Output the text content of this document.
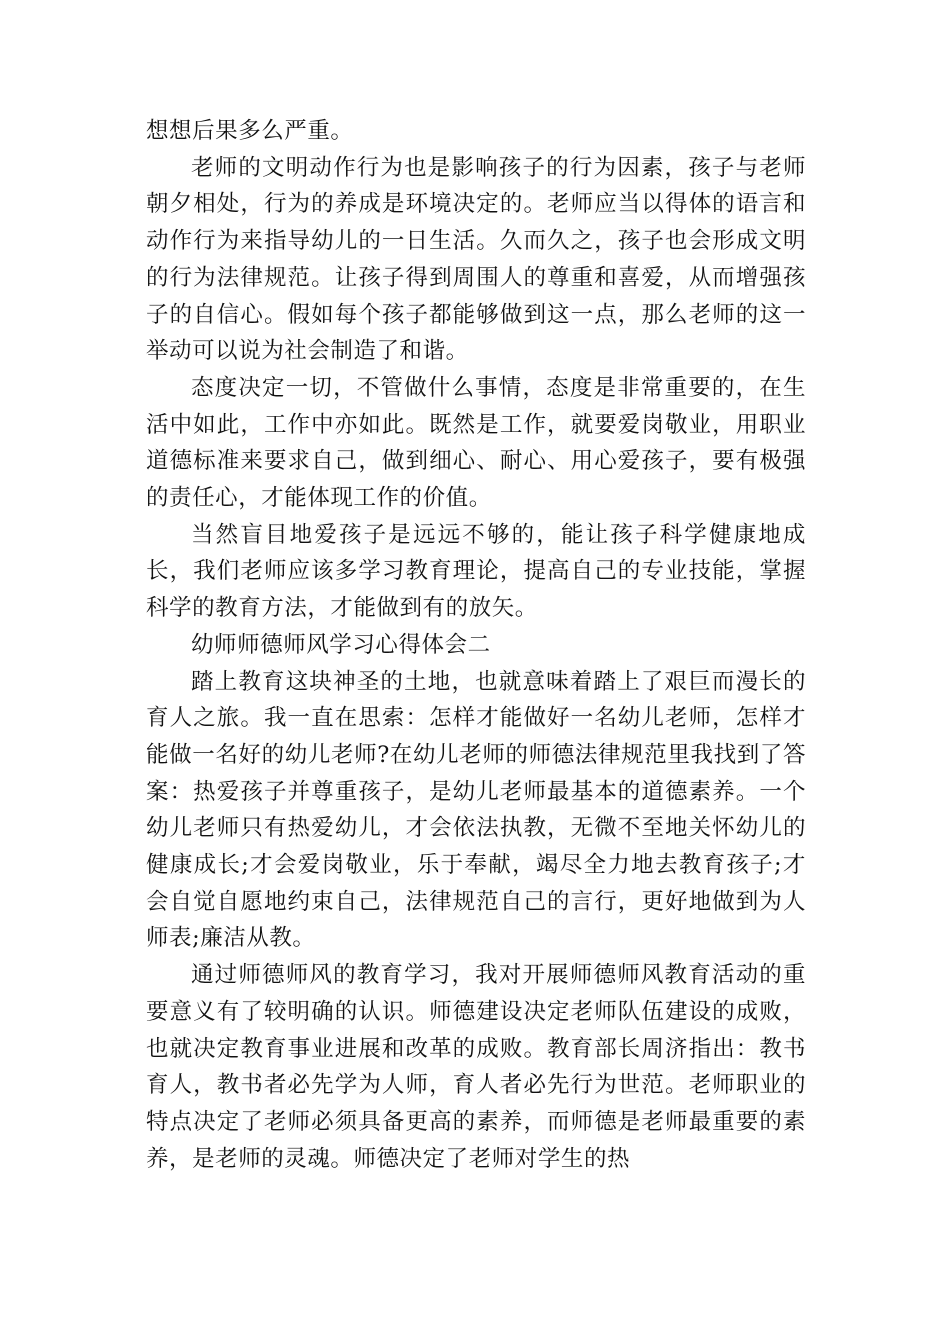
想想后果多么严重。

老师的文明动作行为也是影响孩子的行为因素，孩子与老师朝夕相处，行为的养成是环境决定的。老师应当以得体的语言和动作行为来指导幼儿的一日生活。久而久之，孩子也会形成文明的行为法律规范。让孩子得到周围人的尊重和喜爱，从而增强孩子的自信心。假如每个孩子都能够做到这一点，那么老师的这一举动可以说为社会制造了和谐。

态度决定一切，不管做什么事情，态度是非常重要的，在生活中如此，工作中亦如此。既然是工作，就要爱岗敬业，用职业道德标准来要求自己，做到细心、耐心、用心爱孩子，要有极强的责任心，才能体现工作的价值。

当然盲目地爱孩子是远远不够的，能让孩子科学健康地成长，我们老师应该多学习教育理论，提高自己的专业技能，掌握科学的教育方法，才能做到有的放矢。

幼师师德师风学习心得体会二

踏上教育这块神圣的土地，也就意味着踏上了艰巨而漫长的育人之旅。我一直在思索：怎样才能做好一名幼儿老师，怎样才能做一名好的幼儿老师?在幼儿老师的师德法律规范里我找到了答案：热爱孩子并尊重孩子，是幼儿老师最基本的道德素养。一个幼儿老师只有热爱幼儿，才会依法执教，无微不至地关怀幼儿的健康成长;才会爱岗敬业，乐于奉献，竭尽全力地去教育孩子;才会自觉自愿地约束自己，法律规范自己的言行，更好地做到为人师表;廉洁从教。

通过师德师风的教育学习，我对开展师德师风教育活动的重要意义有了较明确的认识。师德建设决定老师队伍建设的成败，也就决定教育事业进展和改革的成败。教育部长周济指出：教书育人，教书者必先学为人师，育人者必先行为世范。老师职业的特点决定了老师必须具备更高的素养，而师德是老师最重要的素养，是老师的灵魂。师德决定了老师对学生的热
